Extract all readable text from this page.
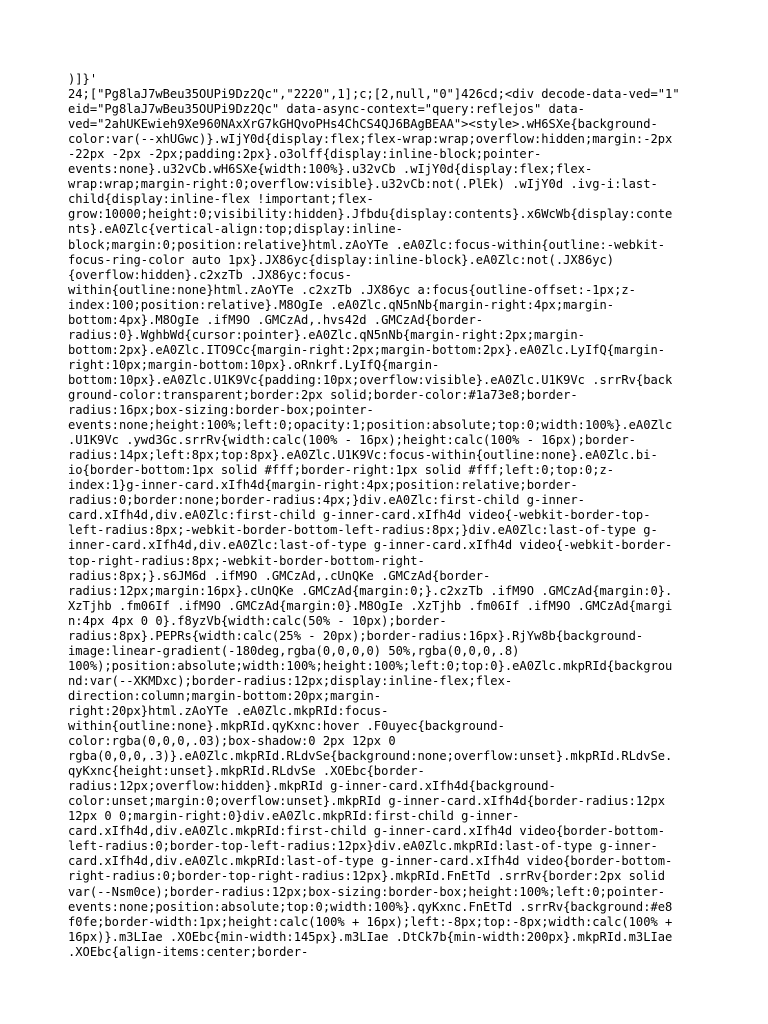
)]}'
24;["Pg8laJ7wBeu35OUPi9Dz2Qc","2220",1];c;[2,null,"0"]426cd;<div decode-data-ved="1"
eid="Pg8laJ7wBeu35OUPi9Dz2Qc" data-async-context="query:reflejos" data-
ved="2ahUKEwieh9Xe960NAxXrG7kGHQvoPHs4ChCS4QJ6BAgBEAA"><style>.wH6SXe{background-
color:var(--xhUGwc)}.wIjY0d{display:flex;flex-wrap:wrap;overflow:hidden;margin:-2px
-22px -2px -2px;padding:2px}.o3olff{display:inline-block;pointer-
events:none}.u32vCb.wH6SXe{width:100%}.u32vCb .wIjY0d{display:flex;flex-
wrap:wrap;margin-right:0;overflow:visible}.u32vCb:not(.PlEk) .wIjY0d .ivg-i:last-
child{display:inline-flex !important;flex-
grow:10000;height:0;visibility:hidden}.Jfbdu{display:contents}.x6WcWb{display:conte
nts}.eA0Zlc{vertical-align:top;display:inline-
block;margin:0;position:relative}html.zAoYTe .eA0Zlc:focus-within{outline:-webkit-
focus-ring-color auto 1px}.JX86yc{display:inline-block}.eA0Zlc:not(.JX86yc)
{overflow:hidden}.c2xzTb .JX86yc:focus-
within{outline:none}html.zAoYTe .c2xzTb .JX86yc a:focus{outline-offset:-1px;z-
index:100;position:relative}.M8OgIe .eA0Zlc.qN5nNb{margin-right:4px;margin-
bottom:4px}.M8OgIe .ifM9O .GMCzAd,.hvs42d .GMCzAd{border-
radius:0}.WghbWd{cursor:pointer}.eA0Zlc.qN5nNb{margin-right:2px;margin-
bottom:2px}.eA0Zlc.ITO9Cc{margin-right:2px;margin-bottom:2px}.eA0Zlc.LyIfQ{margin-
right:10px;margin-bottom:10px}.oRnkrf.LyIfQ{margin-
bottom:10px}.eA0Zlc.U1K9Vc{padding:10px;overflow:visible}.eA0Zlc.U1K9Vc .srrRv{back
ground-color:transparent;border:2px solid;border-color:#1a73e8;border-
radius:16px;box-sizing:border-box;pointer-
events:none;height:100%;left:0;opacity:1;position:absolute;top:0;width:100%}.eA0Zlc
.U1K9Vc .ywd3Gc.srrRv{width:calc(100% - 16px);height:calc(100% - 16px);border-
radius:14px;left:8px;top:8px}.eA0Zlc.U1K9Vc:focus-within{outline:none}.eA0Zlc.bi-
io{border-bottom:1px solid #fff;border-right:1px solid #fff;left:0;top:0;z-
index:1}g-inner-card.xIfh4d{margin-right:4px;position:relative;border-
radius:0;border:none;border-radius:4px;}div.eA0Zlc:first-child g-inner-
card.xIfh4d,div.eA0Zlc:first-child g-inner-card.xIfh4d video{-webkit-border-top-
left-radius:8px;-webkit-border-bottom-left-radius:8px;}div.eA0Zlc:last-of-type g-
inner-card.xIfh4d,div.eA0Zlc:last-of-type g-inner-card.xIfh4d video{-webkit-border-
top-right-radius:8px;-webkit-border-bottom-right-
radius:8px;}.s6JM6d .ifM9O .GMCzAd,.cUnQKe .GMCzAd{border-
radius:12px;margin:16px}.cUnQKe .GMCzAd{margin:0;}.c2xzTb .ifM9O .GMCzAd{margin:0}.
XzTjhb .fm06If .ifM9O .GMCzAd{margin:0}.M8OgIe .XzTjhb .fm06If .ifM9O .GMCzAd{margi
n:4px 4px 0 0}.f8yzVb{width:calc(50% - 10px);border-
radius:8px}.PEPRs{width:calc(25% - 20px);border-radius:16px}.RjYw8b{background-
image:linear-gradient(-180deg,rgba(0,0,0,0) 50%,rgba(0,0,0,.8)
100%);position:absolute;width:100%;height:100%;left:0;top:0}.eA0Zlc.mkpRId{backgrou
nd:var(--XKMDxc);border-radius:12px;display:inline-flex;flex-
direction:column;margin-bottom:20px;margin-
right:20px}html.zAoYTe .eA0Zlc.mkpRId:focus-
within{outline:none}.mkpRId.qyKxnc:hover .F0uyec{background-
color:rgba(0,0,0,.03);box-shadow:0 2px 12px 0
rgba(0,0,0,.3)}.eA0Zlc.mkpRId.RLdvSe{background:none;overflow:unset}.mkpRId.RLdvSe.
qyKxnc{height:unset}.mkpRId.RLdvSe .XOEbc{border-
radius:12px;overflow:hidden}.mkpRId g-inner-card.xIfh4d{background-
color:unset;margin:0;overflow:unset}.mkpRId g-inner-card.xIfh4d{border-radius:12px
12px 0 0;margin-right:0}div.eA0Zlc.mkpRId:first-child g-inner-
card.xIfh4d,div.eA0Zlc.mkpRId:first-child g-inner-card.xIfh4d video{border-bottom-
left-radius:0;border-top-left-radius:12px}div.eA0Zlc.mkpRId:last-of-type g-inner-
card.xIfh4d,div.eA0Zlc.mkpRId:last-of-type g-inner-card.xIfh4d video{border-bottom-
right-radius:0;border-top-right-radius:12px}.mkpRId.FnEtTd .srrRv{border:2px solid
var(--Nsm0ce);border-radius:12px;box-sizing:border-box;height:100%;left:0;pointer-
events:none;position:absolute;top:0;width:100%}.qyKxnc.FnEtTd .srrRv{background:#e8
f0fe;border-width:1px;height:calc(100% + 16px);left:-8px;top:-8px;width:calc(100% +
16px)}.m3LIae .XOEbc{min-width:145px}.m3LIae .DtCk7b{min-width:200px}.mkpRId.m3LIae
.XOEbc{align-items:center;border-
